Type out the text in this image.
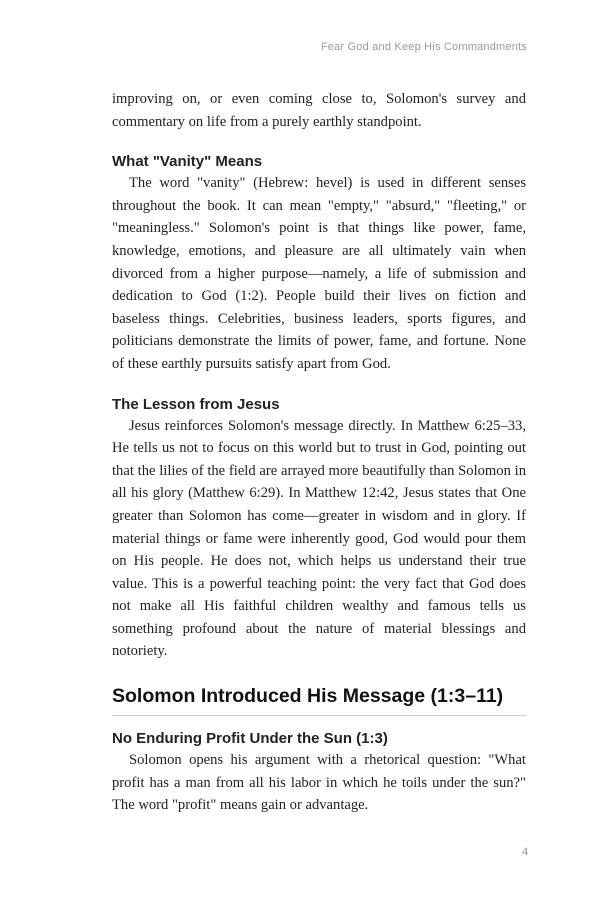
Fear God and Keep His Commandments

improving on, or even coming close to, Solomon's survey and commentary on life from a purely earthly standpoint.

What "Vanity" Means

The word "vanity" (Hebrew: hevel) is used in different senses throughout the book. It can mean "empty," "absurd," "fleeting," or "meaningless." Solomon's point is that things like power, fame, knowledge, emotions, and pleasure are all ultimately vain when divorced from a higher purpose—namely, a life of submission and dedication to God (1:2). People build their lives on fiction and baseless things. Celebrities, business leaders, sports figures, and politicians demonstrate the limits of power, fame, and fortune. None of these earthly pursuits satisfy apart from God.

The Lesson from Jesus

Jesus reinforces Solomon's message directly. In Matthew 6:25–33, He tells us not to focus on this world but to trust in God, pointing out that the lilies of the field are arrayed more beautifully than Solomon in all his glory (Matthew 6:29). In Matthew 12:42, Jesus states that One greater than Solomon has come—greater in wisdom and in glory. If material things or fame were inherently good, God would pour them on His people. He does not, which helps us understand their true value. This is a powerful teaching point: the very fact that God does not make all His faithful children wealthy and famous tells us something profound about the nature of material blessings and notoriety.

Solomon Introduced His Message (1:3–11)
No Enduring Profit Under the Sun (1:3)

Solomon opens his argument with a rhetorical question: "What profit has a man from all his labor in which he toils under the sun?" The word "profit" means gain or advantage.

4
